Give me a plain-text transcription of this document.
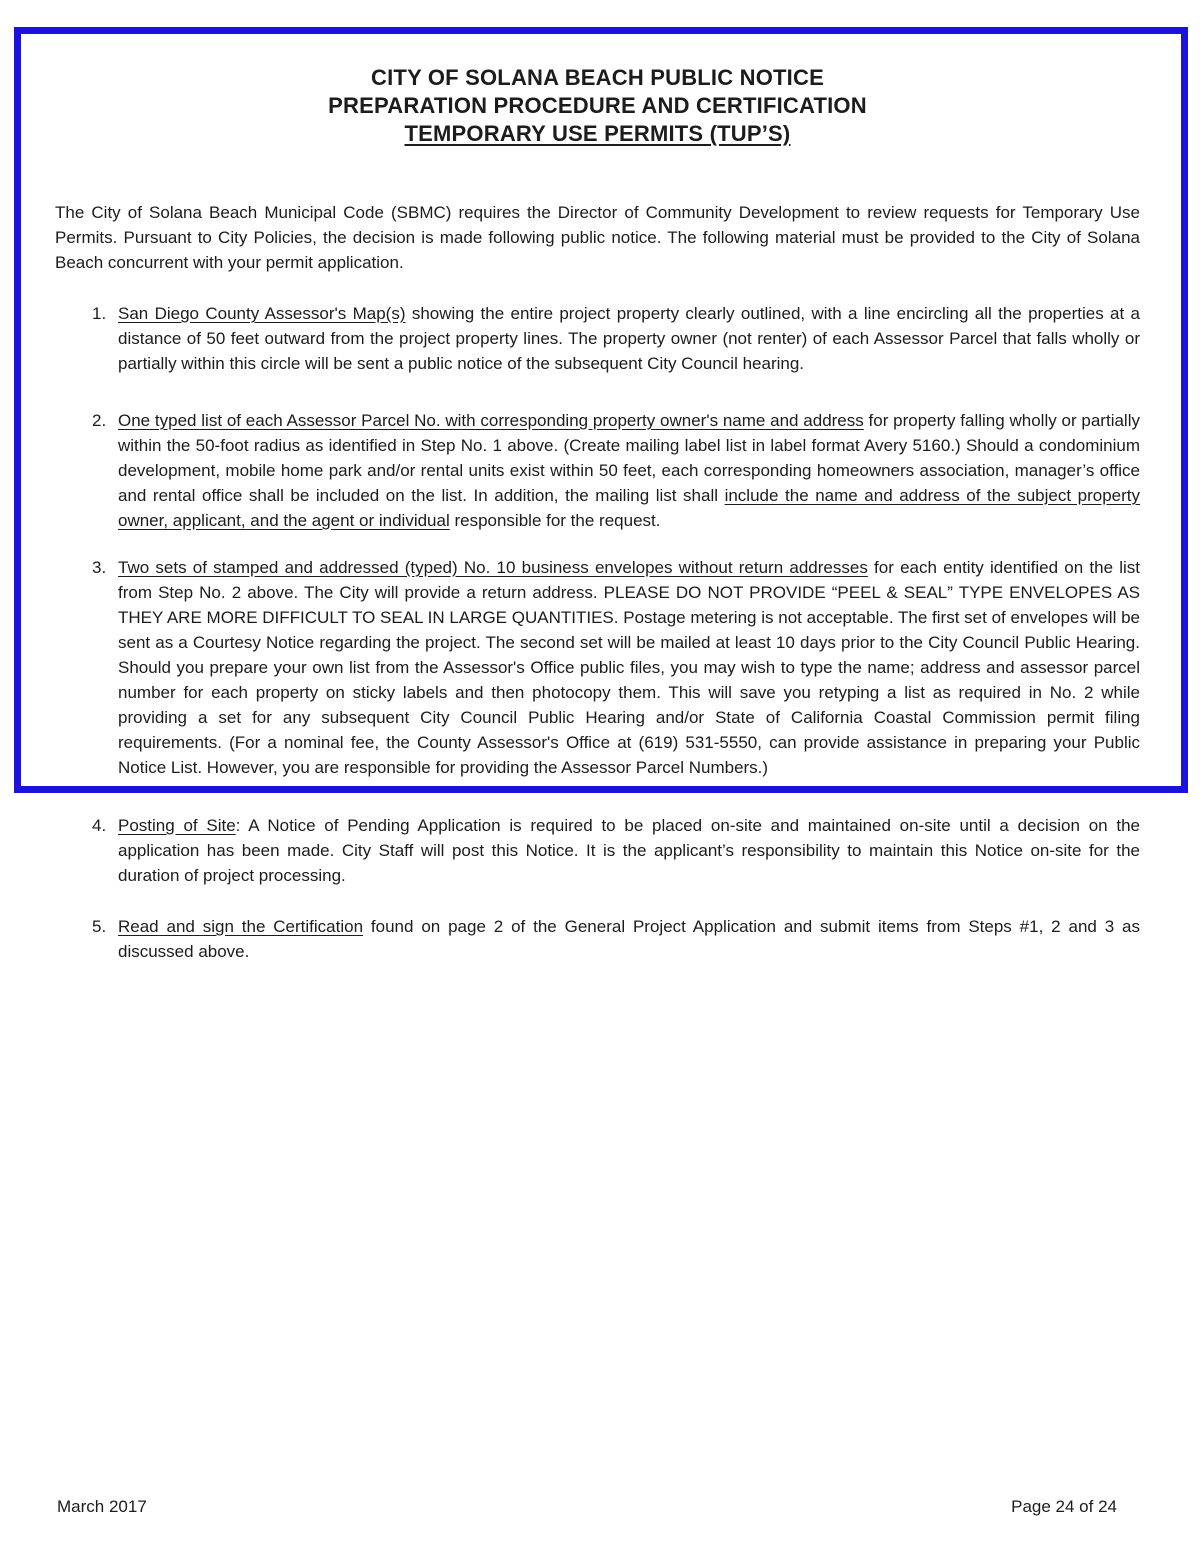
CITY OF SOLANA BEACH PUBLIC NOTICE
PREPARATION PROCEDURE AND CERTIFICATION
TEMPORARY USE PERMITS (TUP’S)

The City of Solana Beach Municipal Code (SBMC) requires the Director of Community Development to review requests for Temporary Use Permits. Pursuant to City Policies, the decision is made following public notice. The following material must be provided to the City of Solana Beach concurrent with your permit application.

1. San Diego County Assessor's Map(s) showing the entire project property clearly outlined, with a line encircling all the properties at a distance of 50 feet outward from the project property lines. The property owner (not renter) of each Assessor Parcel that falls wholly or partially within this circle will be sent a public notice of the subsequent City Council hearing.
2. One typed list of each Assessor Parcel No. with corresponding property owner's name and address for property falling wholly or partially within the 50-foot radius as identified in Step No. 1 above. (Create mailing label list in label format Avery 5160.) Should a condominium development, mobile home park and/or rental units exist within 50 feet, each corresponding homeowners association, manager’s office and rental office shall be included on the list. In addition, the mailing list shall include the name and address of the subject property owner, applicant, and the agent or individual responsible for the request.
3. Two sets of stamped and addressed (typed) No. 10 business envelopes without return addresses for each entity identified on the list from Step No. 2 above. The City will provide a return address. PLEASE DO NOT PROVIDE “PEEL & SEAL” TYPE ENVELOPES AS THEY ARE MORE DIFFICULT TO SEAL IN LARGE QUANTITIES. Postage metering is not acceptable. The first set of envelopes will be sent as a Courtesy Notice regarding the project. The second set will be mailed at least 10 days prior to the City Council Public Hearing. Should you prepare your own list from the Assessor's Office public files, you may wish to type the name; address and assessor parcel number for each property on sticky labels and then photocopy them. This will save you retyping a list as required in No. 2 while providing a set for any subsequent City Council Public Hearing and/or State of California Coastal Commission permit filing requirements. (For a nominal fee, the County Assessor's Office at (619) 531-5550, can provide assistance in preparing your Public Notice List. However, you are responsible for providing the Assessor Parcel Numbers.)
4. Posting of Site: A Notice of Pending Application is required to be placed on-site and maintained on-site until a decision on the application has been made. City Staff will post this Notice. It is the applicant’s responsibility to maintain this Notice on-site for the duration of project processing.
5. Read and sign the Certification found on page 2 of the General Project Application and submit items from Steps #1, 2 and 3 as discussed above.
March 2017	Page 24 of 24
